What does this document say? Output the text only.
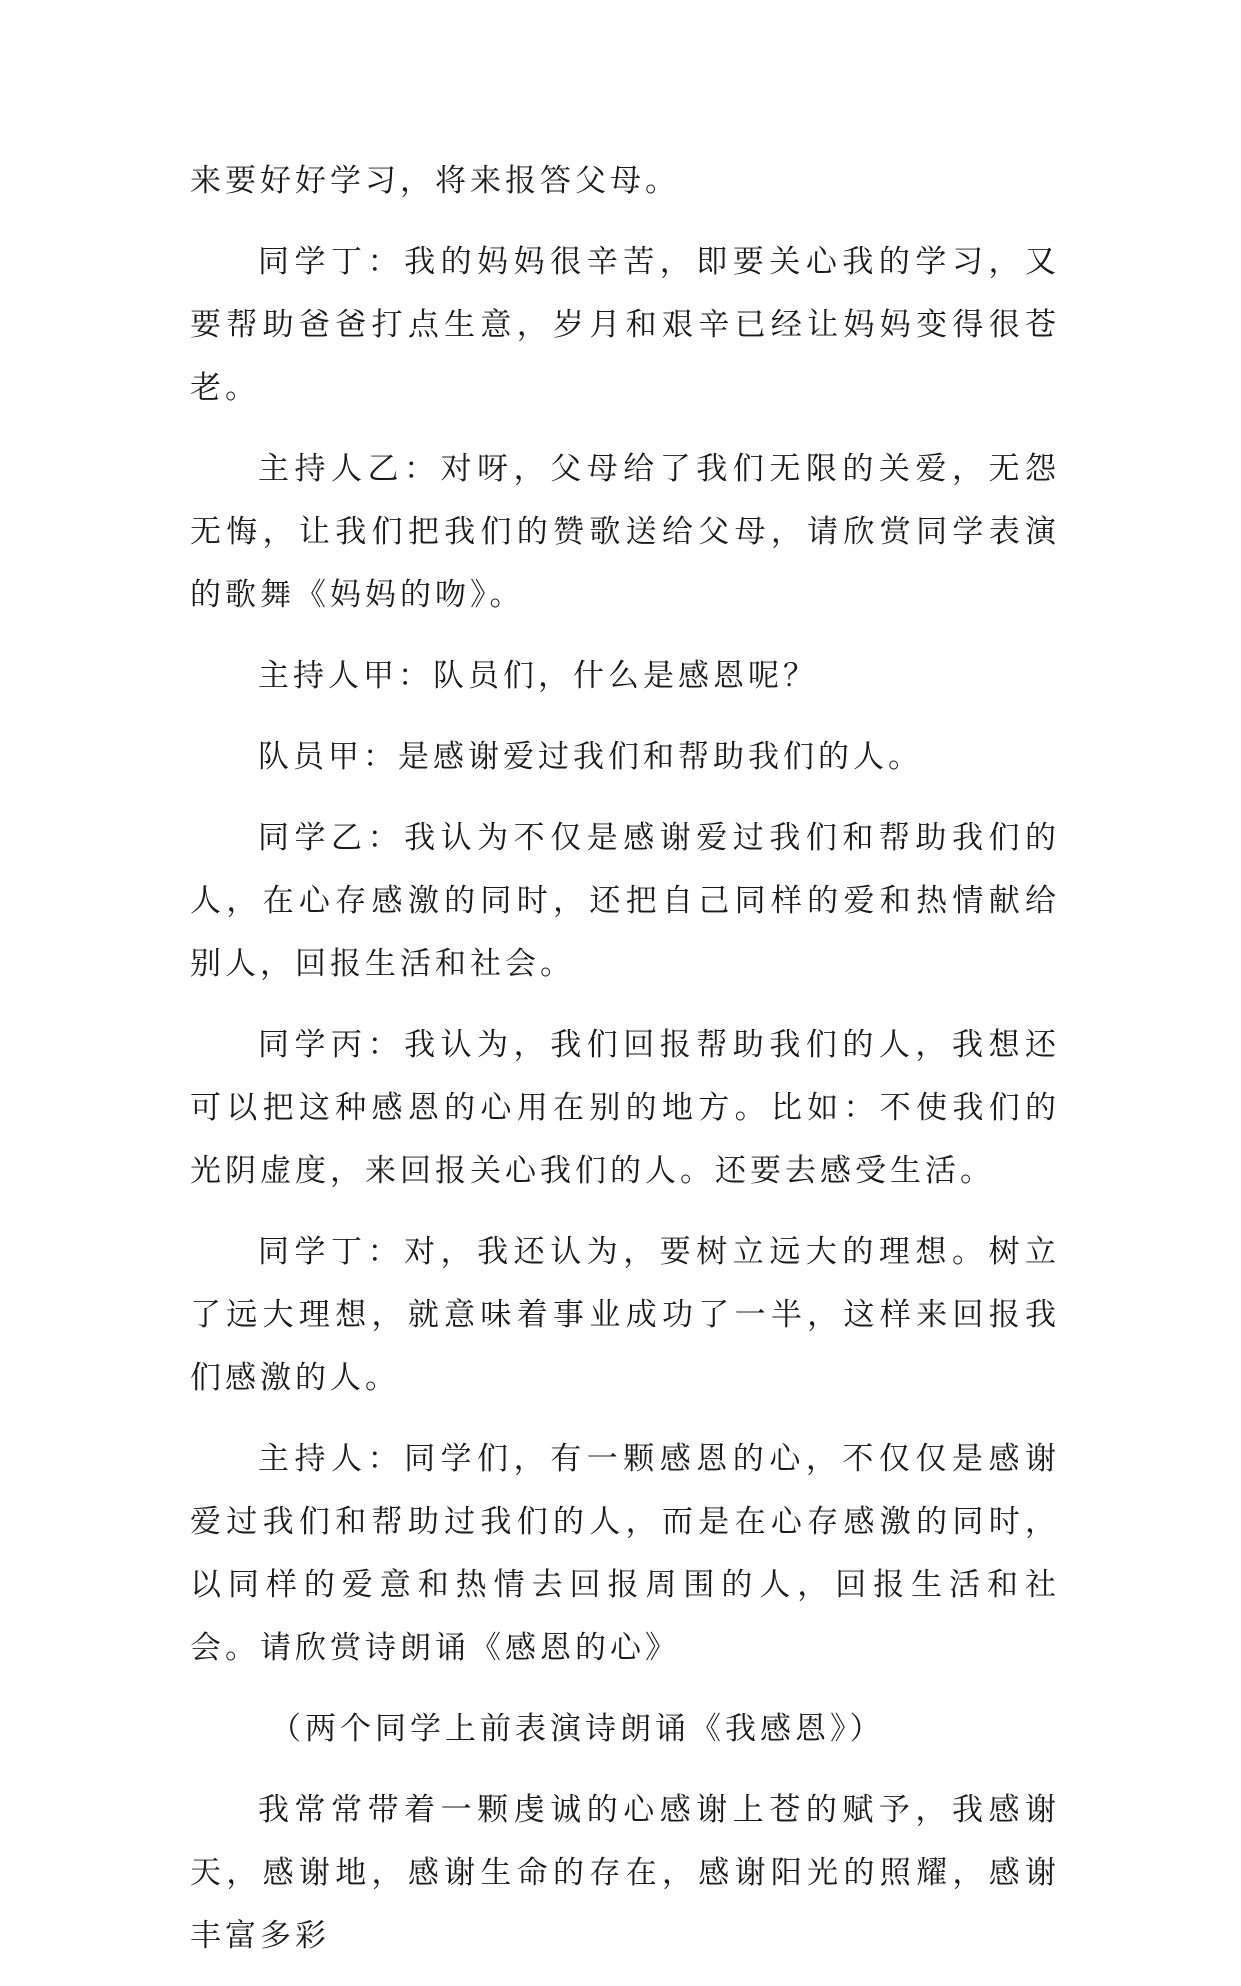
来要好好学习，将来报答父母。

同学丁：我的妈妈很辛苦，即要关心我的学习，又要帮助爸爸打点生意，岁月和艰辛已经让妈妈变得很苍老。

主持人乙：对呀，父母给了我们无限的关爱，无怨无悔，让我们把我们的赞歌送给父母，请欣赏同学表演的歌舞《妈妈的吻》。

主持人甲：队员们，什么是感恩呢？

队员甲：是感谢爱过我们和帮助我们的人。

同学乙：我认为不仅是感谢爱过我们和帮助我们的人，在心存感激的同时，还把自己同样的爱和热情献给别人，回报生活和社会。

同学丙：我认为，我们回报帮助我们的人，我想还可以把这种感恩的心用在别的地方。比如：不使我们的光阴虚度，来回报关心我们的人。还要去感受生活。

同学丁：对，我还认为，要树立远大的理想。树立了远大理想，就意味着事业成功了一半，这样来回报我们感激的人。

主持人：同学们，有一颗感恩的心，不仅仅是感谢爱过我们和帮助过我们的人，而是在心存感激的同时，以同样的爱意和热情去回报周围的人，回报生活和社会。请欣赏诗朗诵《感恩的心》

（两个同学上前表演诗朗诵《我感恩》）

我常常带着一颗虔诚的心感谢上苍的赋予，我感谢天，感谢地，感谢生命的存在，感谢阳光的照耀，感谢丰富多彩
